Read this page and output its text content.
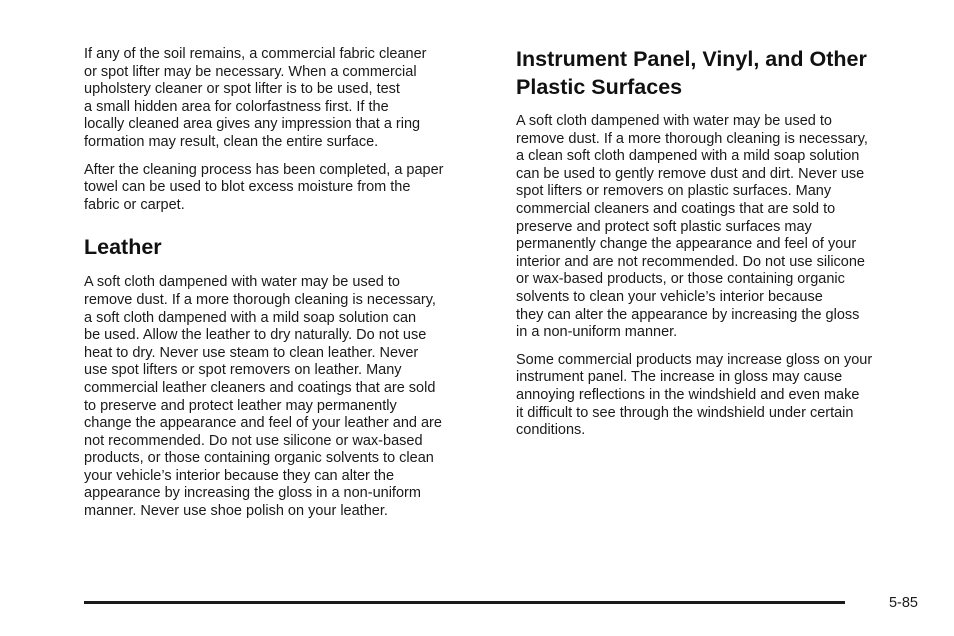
If any of the soil remains, a commercial fabric cleaner
or spot lifter may be necessary. When a commercial
upholstery cleaner or spot lifter is to be used, test
a small hidden area for colorfastness first. If the
locally cleaned area gives any impression that a ring
formation may result, clean the entire surface.

After the cleaning process has been completed, a paper
towel can be used to blot excess moisture from the
fabric or carpet.

Leather

A soft cloth dampened with water may be used to
remove dust. If a more thorough cleaning is necessary,
a soft cloth dampened with a mild soap solution can
be used. Allow the leather to dry naturally. Do not use
heat to dry. Never use steam to clean leather. Never
use spot lifters or spot removers on leather. Many
commercial leather cleaners and coatings that are sold
to preserve and protect leather may permanently
change the appearance and feel of your leather and are
not recommended. Do not use silicone or wax-based
products, or those containing organic solvents to clean
your vehicle’s interior because they can alter the
appearance by increasing the gloss in a non-uniform
manner. Never use shoe polish on your leather.

Instrument Panel, Vinyl, and Other
Plastic Surfaces

A soft cloth dampened with water may be used to
remove dust. If a more thorough cleaning is necessary,
a clean soft cloth dampened with a mild soap solution
can be used to gently remove dust and dirt. Never use
spot lifters or removers on plastic surfaces. Many
commercial cleaners and coatings that are sold to
preserve and protect soft plastic surfaces may
permanently change the appearance and feel of your
interior and are not recommended. Do not use silicone
or wax-based products, or those containing organic
solvents to clean your vehicle’s interior because
they can alter the appearance by increasing the gloss
in a non-uniform manner.

Some commercial products may increase gloss on your
instrument panel. The increase in gloss may cause
annoying reflections in the windshield and even make
it difficult to see through the windshield under certain
conditions.

5-85
